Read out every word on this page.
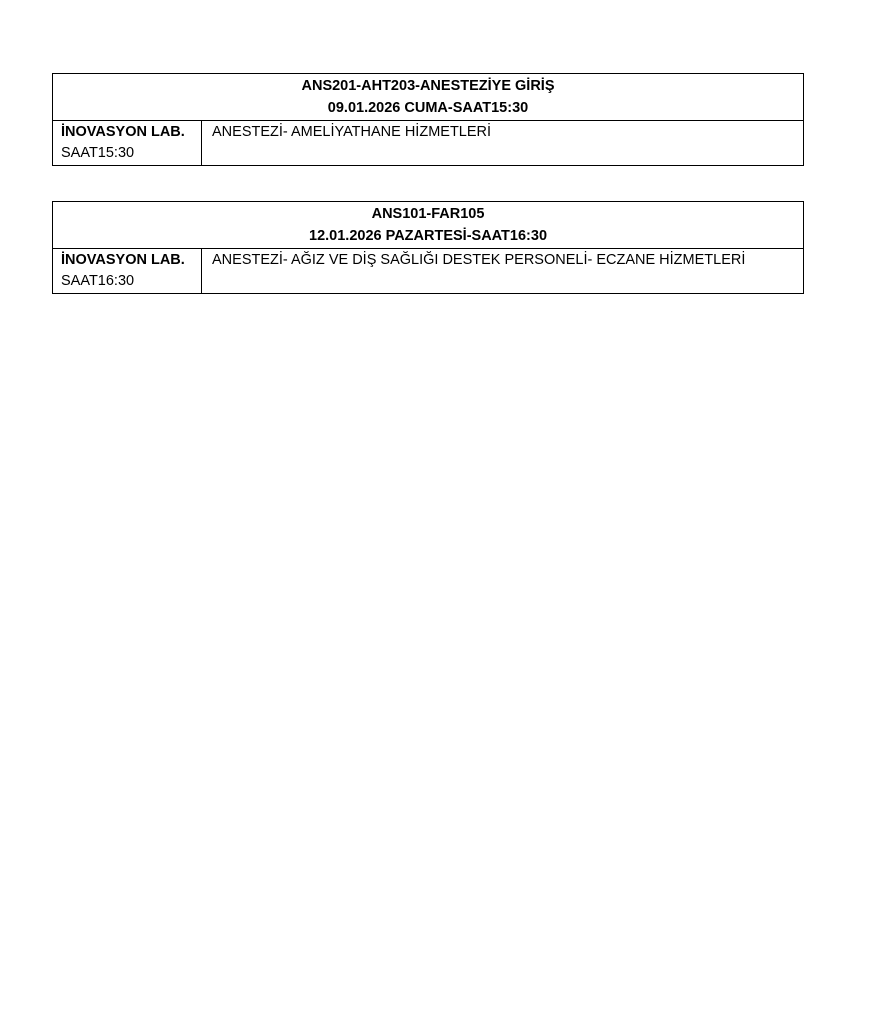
ANS201-AHT203-ANESTEZİYE GİRİŞ
09.01.2026 CUMA-SAAT15:30

İNOVASYON LAB.
SAAT15:30
	ANESTEZİ- AMELİYATHANE HİZMETLERİ
ANS101-FAR105
12.01.2026 PAZARTESİ-SAAT16:30

İNOVASYON LAB.
SAAT16:30
	ANESTEZİ- AĞIZ VE DİŞ SAĞLIĞI DESTEK PERSONELİ- ECZANE HİZMETLERİ
